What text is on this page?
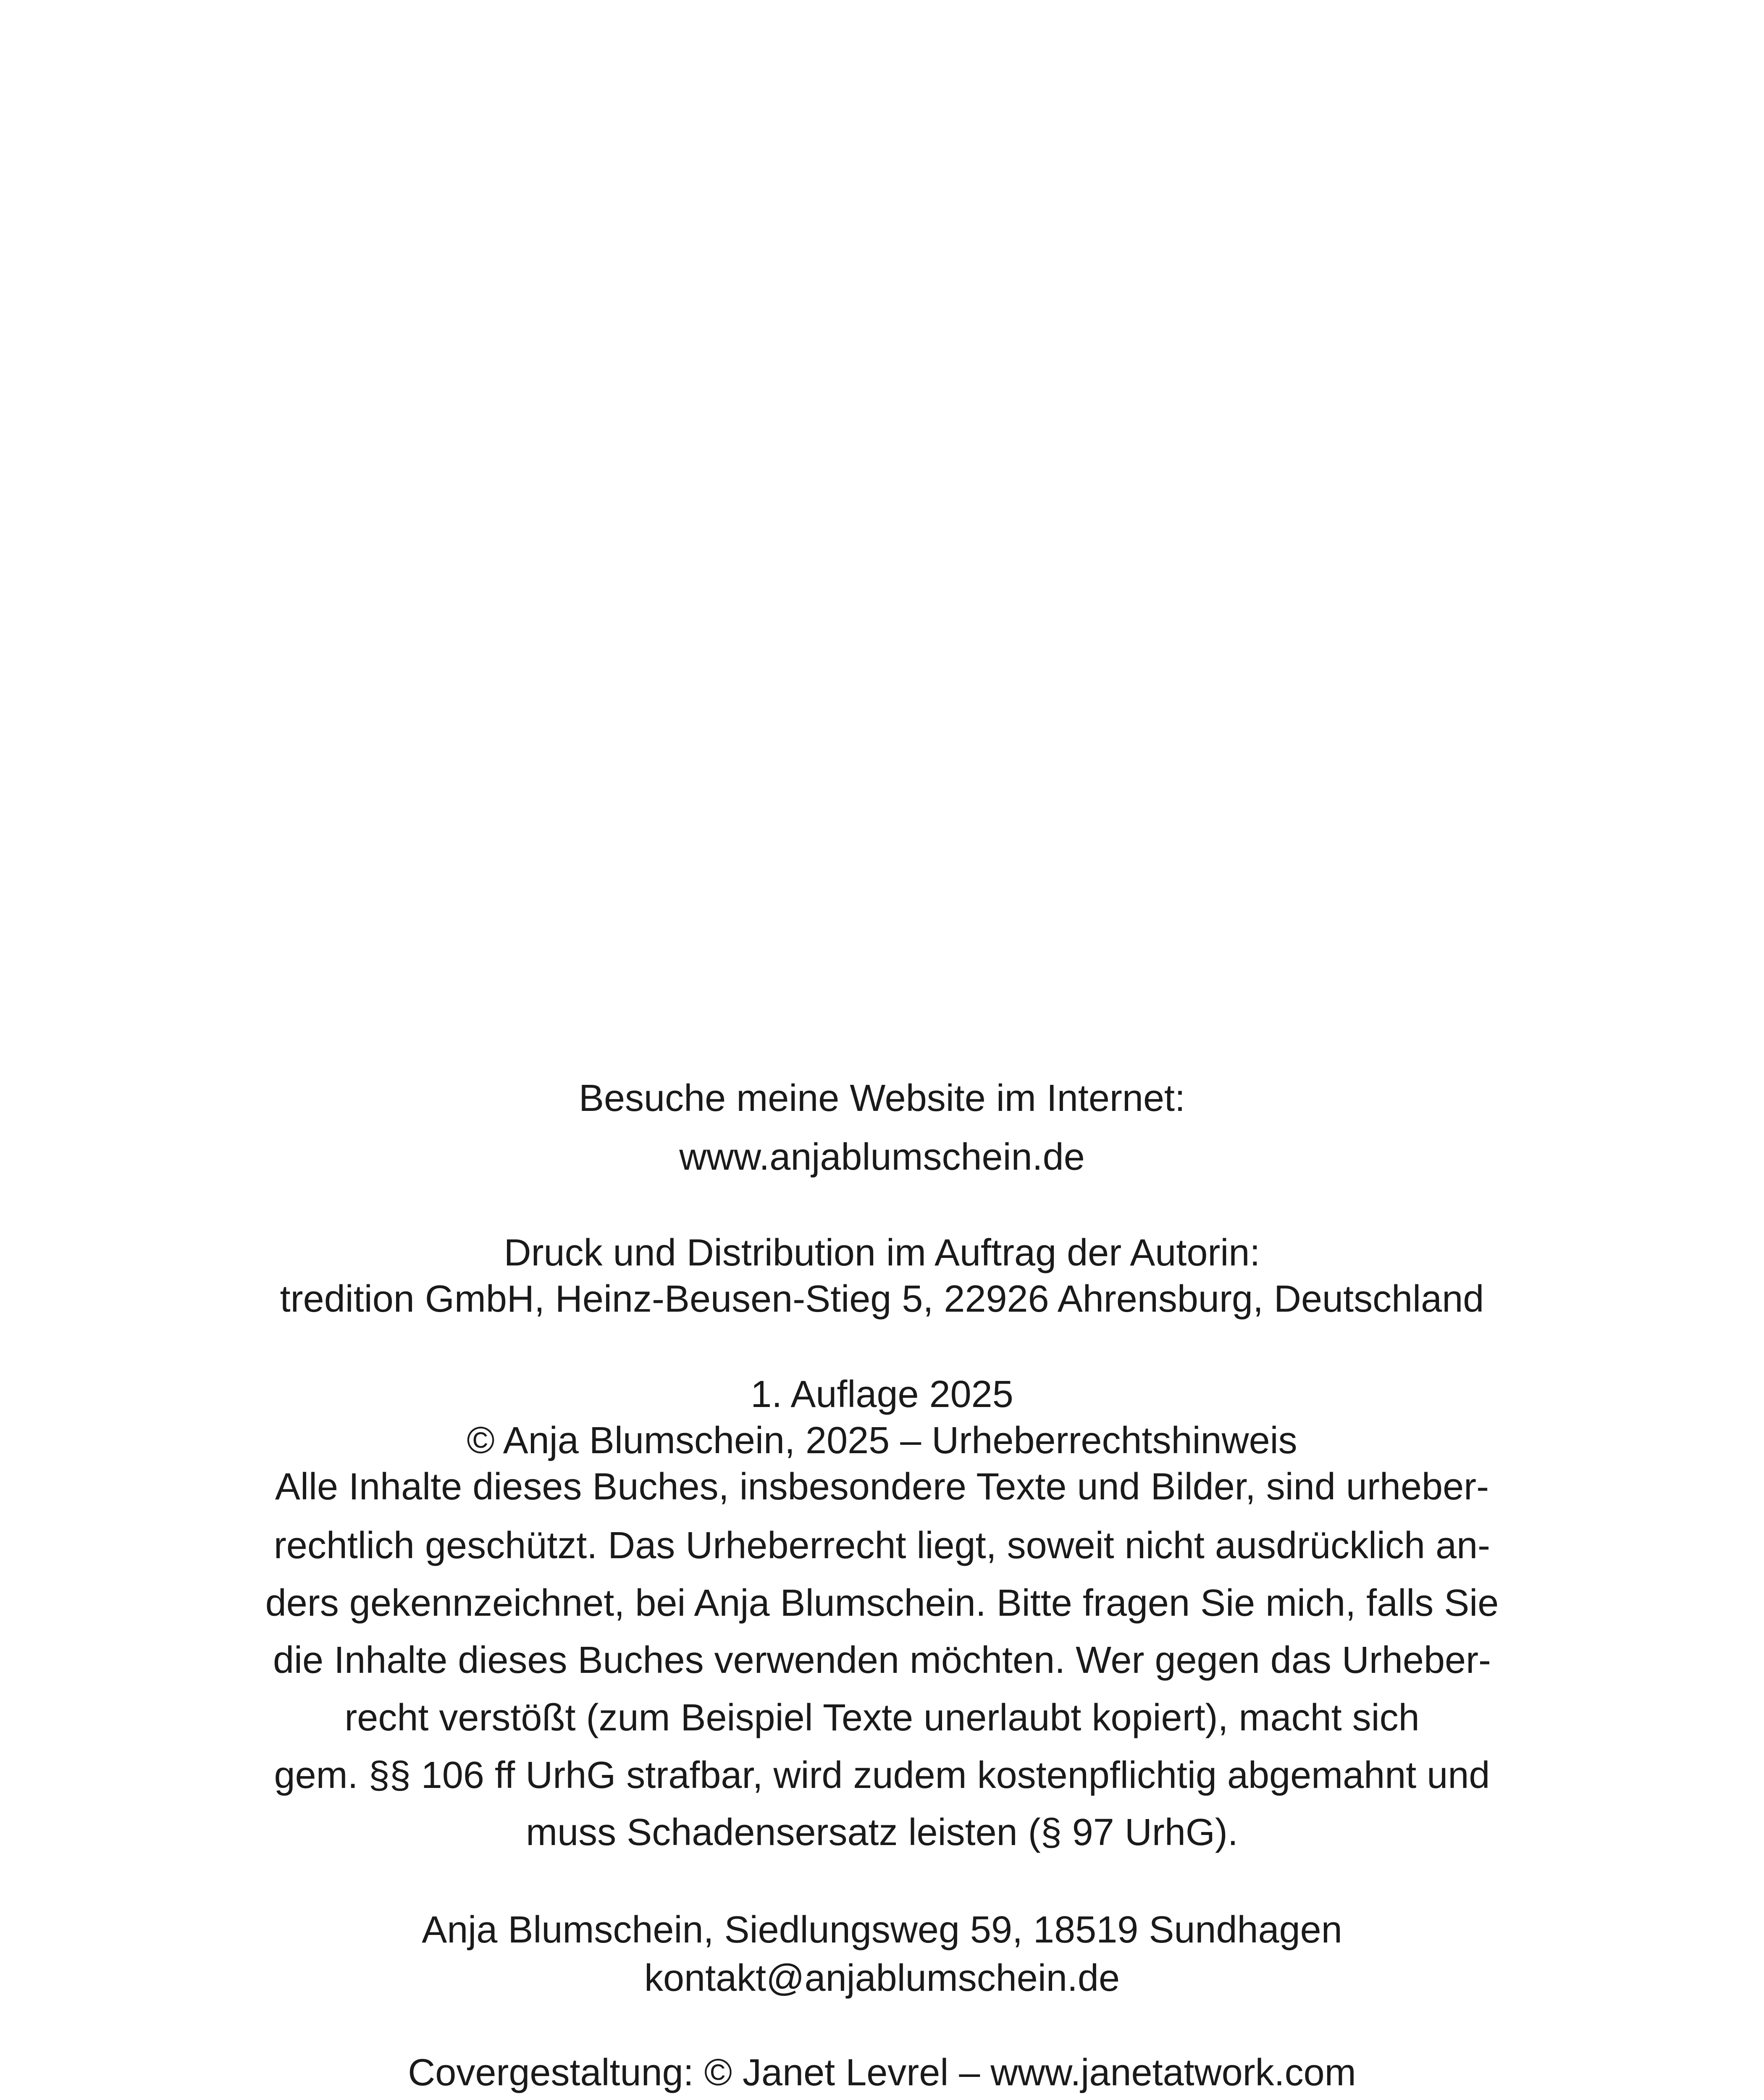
Besuche meine Website im Internet:

www.anjablumschein.de

Druck und Distribution im Auftrag der Autorin:

tredition GmbH, Heinz-Beusen-Stieg 5, 22926 Ahrensburg, Deutschland

1. Auflage 2025

© Anja Blumschein, 2025 – Urheberrechtshinweis

Alle Inhalte dieses Buches, insbesondere Texte und Bilder, sind urheber-

rechtlich geschützt. Das Urheberrecht liegt, soweit nicht ausdrücklich an-

ders gekennzeichnet, bei Anja Blumschein. Bitte fragen Sie mich, falls Sie

die Inhalte dieses Buches verwenden möchten. Wer gegen das Urheber-

recht verstößt (zum Beispiel Texte unerlaubt kopiert), macht sich

gem. §§ 106 ff UrhG strafbar, wird zudem kostenpflichtig abgemahnt und

muss Schadensersatz leisten (§ 97 UrhG).

Anja Blumschein, Siedlungsweg 59, 18519 Sundhagen

kontakt@anjablumschein.de

Covergestaltung: © Janet Levrel – www.janetatwork.com
